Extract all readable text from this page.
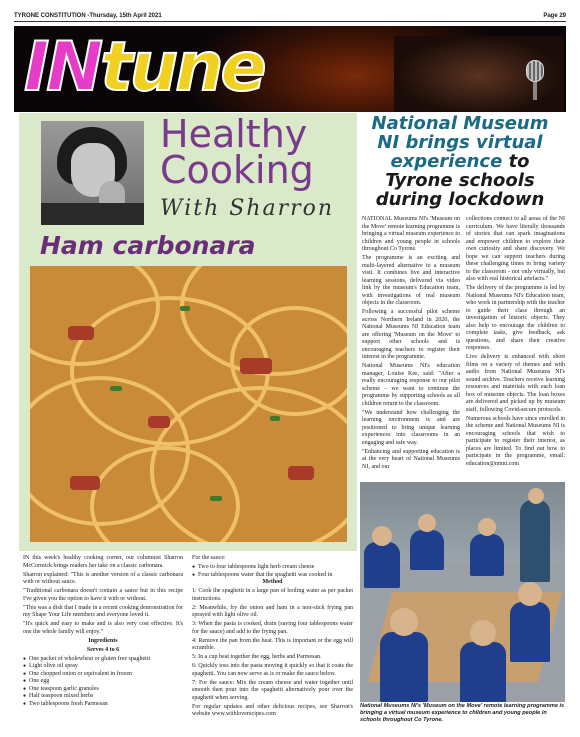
TYRONE CONSTITUTION -Thursday, 15th April 2021	Page 29
INtune
Healthy
Cooking
With Sharron
Ham carbonara

IN this week's healthy cooking corner, our columnist Sharron McCormick brings readers her take on a classic carbonara.

Sharron explained: "This is another version of a classic carbonara with or without sauce.

"Traditional carbonara doesn't contain a sauce but in this recipe I've given you the option to have it with or without.

"This was a dish that I made in a recent cooking demonstration for my Shape Your Life members and everyone loved it.

"It's quick and easy to make and is also very cost effective. It's one the whole family will enjoy."

Ingredients

Serves 4 to 6

● One packet of wholewheat or gluten free spaghetti
● Light olive oil spray
● One chopped onion or equivalent in frozen
● One egg
● One teaspoon garlic granules
● Half teaspoon mixed herbs
● Two tablespoons fresh Parmesan

For the sauce:

● Two to four tablespoons light herb cream cheese
● Four tablespoons water that the spaghetti was cooked in

Method

1: Cook the spaghetti in a large pan of boiling water as per packet instructions.

2: Meanwhile, fry the onion and ham in a non-stick frying pan sprayed with light olive oil.

3: When the pasta is cooked, drain (saving four tablespoons water for the sauce) and add to the frying pan.

4: Remove the pan from the heat. This is important or the egg will scramble.

5: In a cup beat together the egg, herbs and Parmesan.

6: Quickly toss into the pasta moving it quickly so that it coats the spaghetti. You can now serve as is or make the sauce below.

7: For the sauce: Mix the cream cheese and water together until smooth then pour into the spaghetti alternatively pour over the spaghetti when serving.

For regular updates and other delicious recipes, see Sharron's website www.withloverecipes.com

National Museum
NI brings virtual
experience to
Tyrone schools
during lockdown

NATIONAL Museums NI's 'Museum on the Move' remote learning programme is bringing a virtual museum experience to children and young people in schools throughout Co Tyrone.

The programme is an exciting and multi-layered alternative to a museum visit. It combines live and interactive learning sessions, delivered via video link by the museum's Education team, with investigations of real museum objects in the classroom.

Following a successful pilot scheme across Northern Ireland in 2020, the National Museums NI Education team are offering 'Museum on the Move' to support other schools and is encouraging teachers to register their interest in the programme.

National Museums NI's education manager, Louise Kee, said: "After a really encouraging response to our pilot scheme – we want to continue the programme by supporting schools as all children return to the classroom.

"We understand how challenging the learning environment is and are positioned to bring unique learning experiences into classrooms in an engaging and safe way.

"Enhancing and supporting education is at the very heart of National Museums NI, and our

collections connect to all areas of the NI curriculum. We have literally thousands of stories that can spark imaginations and empower children to explore their own curiosity and share discovery. We hope we can support teachers during these challenging times to bring variety to the classroom - not only virtually, but also with real historical artefacts."

The delivery of the programme is led by National Museums NI's Education team, who work in partnership with the teacher to guide their class through an investigation of historic objects. They also help to encourage the children to complete tasks, give feedback, ask questions, and share their creative responses.

Live delivery is enhanced with short films on a variety of themes and with audio from National Museums NI's sound archive. Teachers receive learning resources and materials with each loan box of museum objects. The loan boxes are delivered and picked up by museum staff, following Covid-secure protocols.

Numerous schools have since enrolled in the scheme and National Museums NI is encouraging schools that wish to participate to register their interest, as places are limited. To find out how to participate in the programme, email: education@nmni.com

National Museums NI's 'Museum on the Move' remote learning programme is bringing a virtual museum experience to children and young people in schools throughout Co Tyrone.
